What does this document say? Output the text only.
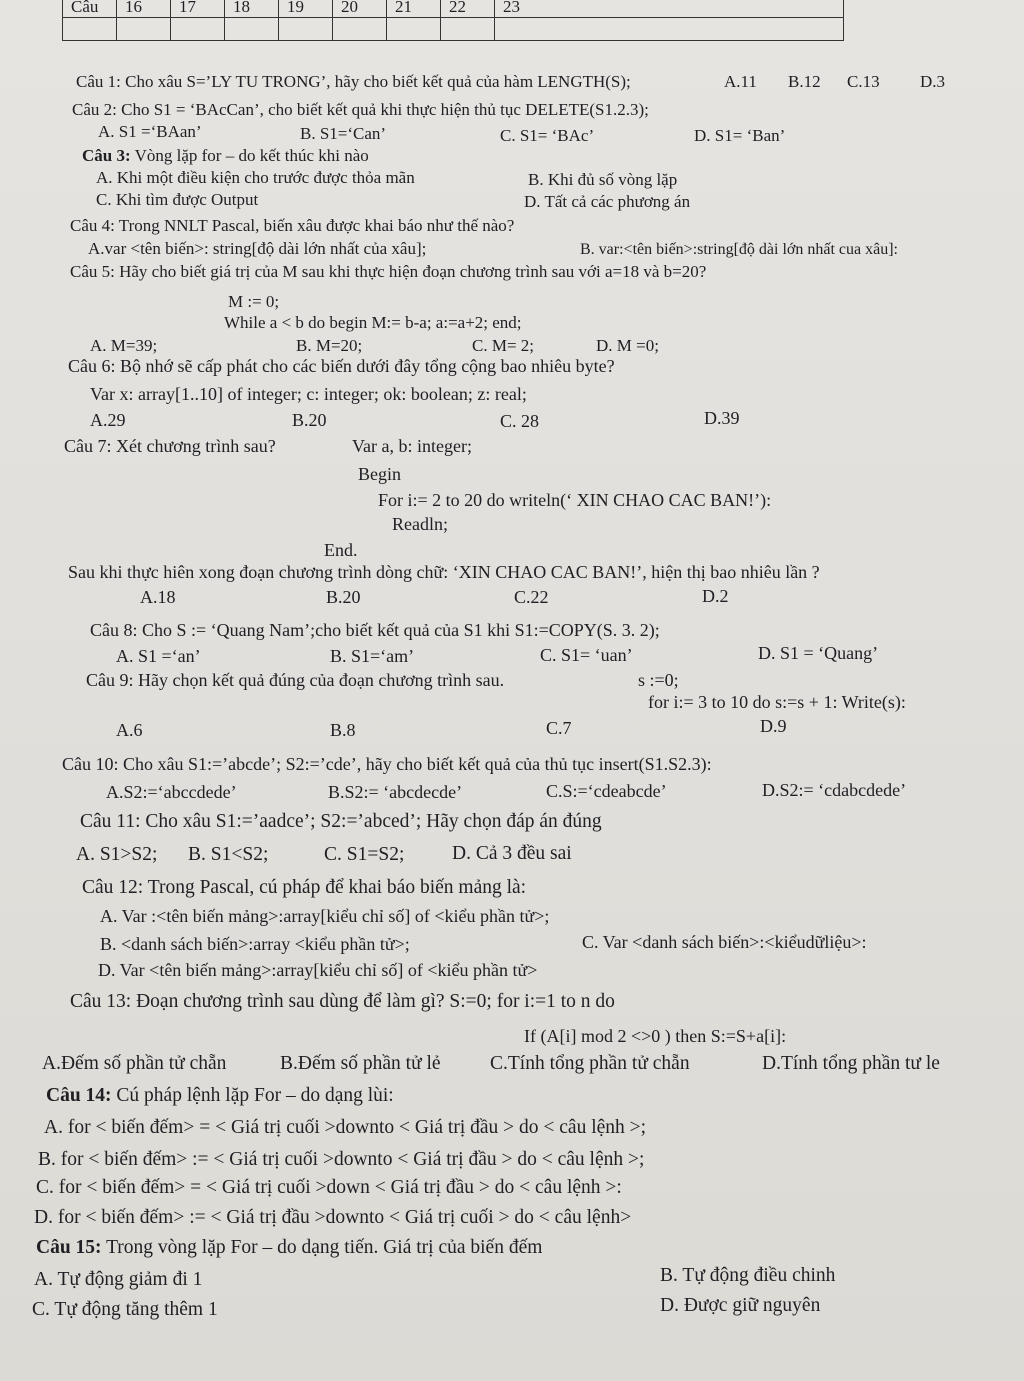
Câu	16	17	18	19	20	21	22	23

Câu 1: Cho xâu S=’LY TU TRONG’, hãy cho biết kết quả của hàm LENGTH(S);	A.11 B.12 C.13 D.3
Câu 2: Cho S1 = ‘BAcCan’, cho biết kết quả khi thực hiện thủ tục DELETE(S1.2.3);
A. S1 =‘BAan’	B. S1=‘Can’	C. S1= ‘BAc’	D. S1= ‘Ban’
Câu 3: Vòng lặp for – do kết thúc khi nào
A. Khi một điều kiện cho trước được thỏa mãn	B. Khi đủ số vòng lặp
C. Khi tìm được Output	D. Tất cả các phương án
Câu 4: Trong NNLT Pascal, biến xâu được khai báo như thế nào?
A.var <tên biến>: string[độ dài lớn nhất của xâu];	B. var:<tên biến>:string[độ dài lớn nhất cua xâu]:
Câu 5: Hãy cho biết giá trị của M sau khi thực hiện đoạn chương trình sau với a=18 và b=20?
M := 0;
While a < b do begin M:= b-a; a:=a+2; end;
A. M=39;	B. M=20;	C. M= 2;	D. M =0;
Câu 6: Bộ nhớ sẽ cấp phát cho các biến dưới đây tổng cộng bao nhiêu byte?
Var x: array[1..10] of integer; c: integer; ok: boolean; z: real;
A.29	B.20	C. 28	D.39
Câu 7: Xét chương trình sau?	Var a, b: integer;
Begin
For i:= 2 to 20 do writeln(‘ XIN CHAO CAC BAN!’):
Readln;
End.
Sau khi thực hiên xong đoạn chương trình dòng chữ: ‘XIN CHAO CAC BAN!’, hiện thị bao nhiêu lần ?
A.18	B.20	C.22	D.2
Câu 8: Cho S := ‘Quang Nam’;cho biết kết quả của S1 khi S1:=COPY(S. 3. 2);
A. S1 =‘an’	B. S1=‘am’	C. S1= ‘uan’	D. S1 = ‘Quang’
Câu 9: Hãy chọn kết quả đúng của đoạn chương trình sau.	s :=0;
for i:= 3 to 10 do s:=s + 1: Write(s):
A.6	B.8	C.7	D.9
Câu 10: Cho xâu S1:=’abcde’; S2:=’cde’, hãy cho biết kết quả của thủ tục insert(S1.S2.3):
A.S2:=‘abccdede’	B.S2:= ‘abcdecde’	C.S:=‘cdeabcde’	D.S2:= ‘cdabcdede’
Câu 11: Cho xâu S1:=’aadce’; S2:=’abced’; Hãy chọn đáp án đúng
A. S1>S2; B. S1<S2;	C. S1=S2; D. Cả 3 đều sai
Câu 12: Trong Pascal, cú pháp để khai báo biến mảng là:
A. Var :<tên biến mảng>:array[kiểu chỉ số] of <kiểu phần tử>;
B. <danh sách biến>:array <kiểu phần tử>;	C. Var <danh sách biến>:<kiểudữliệu>:
D. Var <tên biến mảng>:array[kiểu chỉ số] of <kiểu phần tử>
Câu 13: Đoạn chương trình sau dùng để làm gì? S:=0; for i:=1 to n do
If (A[i] mod 2 <>0 ) then S:=S+a[i]:
A.Đếm số phần tử chẵn	B.Đếm số phần tử lẻ	C.Tính tổng phần tử chẵn	D.Tính tổng phần tư le
Câu 14: Cú pháp lệnh lặp For – do dạng lùi:
A. for < biến đếm> = < Giá trị cuối >downto < Giá trị đầu > do < câu lệnh >;
B. for < biến đếm> := < Giá trị cuối >downto < Giá trị đầu > do < câu lệnh >;
C. for < biến đếm> = < Giá trị cuối >down < Giá trị đầu > do < câu lệnh >:
D. for < biến đếm> := < Giá trị đầu >downto < Giá trị cuối > do < câu lệnh>
Câu 15: Trong vòng lặp For – do dạng tiến. Giá trị của biến đếm
A. Tự động giảm đi 1	B. Tự động điều chinh
C. Tự động tăng thêm 1	D. Được giữ nguyên
